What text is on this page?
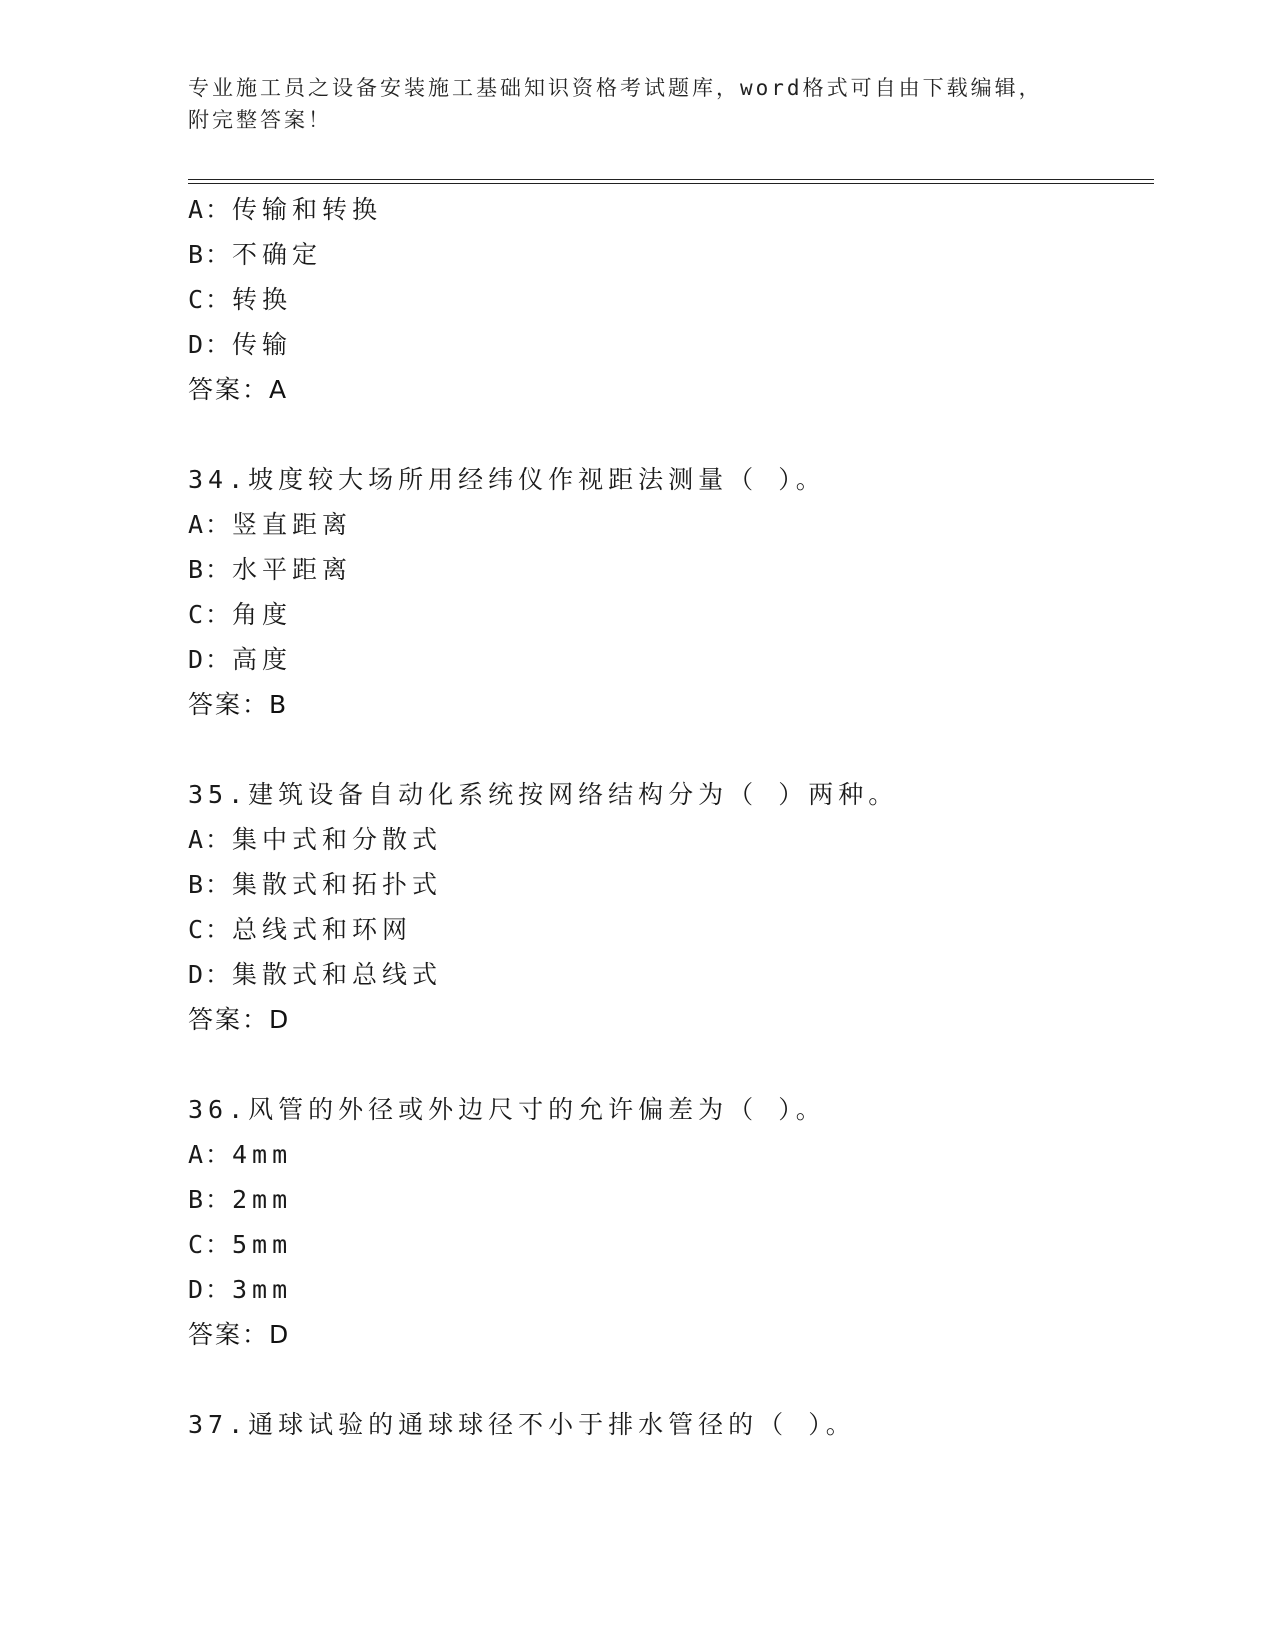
专业施工员之设备安装施工基础知识资格考试题库，word格式可自由下载编辑，
附完整答案！
A：传输和转换
B：不确定
C：转换
D：传输
答案：A
34.坡度较大场所用经纬仪作视距法测量（ ）。
A：竖直距离
B：水平距离
C：角度
D：高度
答案：B
35.建筑设备自动化系统按网络结构分为（ ）两种。
A：集中式和分散式
B：集散式和拓扑式
C：总线式和环网
D：集散式和总线式
答案：D
36.风管的外径或外边尺寸的允许偏差为（ ）。
A：4mm
B：2mm
C：5mm
D：3mm
答案：D
37.通球试验的通球球径不小于排水管径的（ ）。
